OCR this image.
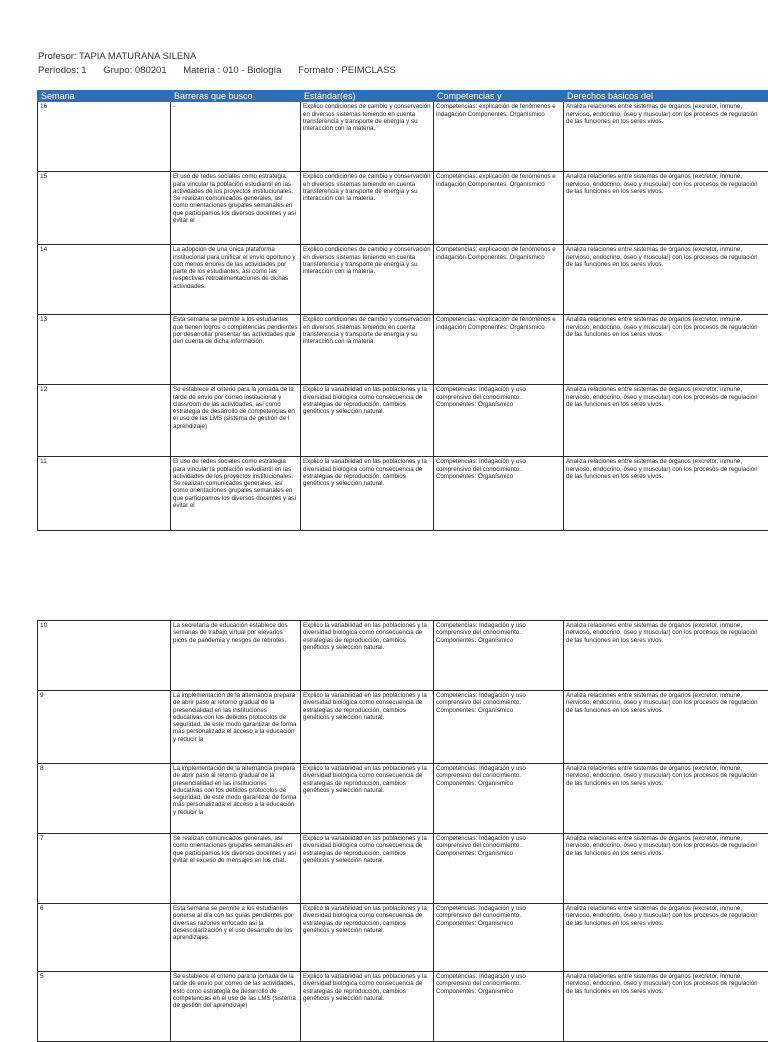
Profesor: TAPIA MATURANA SILENA
Períodos: 1 Grupo: 080201 Materia : 010 - Biología Formato : PEIMCLASS
Semana	Barreras que busco	Estándar(es)	Competencias y	Derechos básicos del
16	-	Explico condiciones de cambio y conservación en diversos sistemas teniendo en cuenta transferencia y transporte de energía y su interacción con la materia.	Competencias: explicación de fenómenos e indagación Componentes: Organísmico	Analiza relaciones entre sistemas de órganos (excretor, inmune, nervioso, endocrino, óseo y muscular) con los procesos de regulación de las funciones en los seres vivos.
15	El uso de redes sociales como estrategia para vincular la población estudiantil en las actividades de los proyectos institucionales. Se realizan comunicados generales, así como orientaciones grupales semanales en que participamos los diversos docentes y así evitar el	Explico condiciones de cambio y conservación en diversos sistemas teniendo en cuenta transferencia y transporte de energía y su interacción con la materia.	Competencias: explicación de fenómenos e indagación Componentes: Organísmico	Analiza relaciones entre sistemas de órganos (excretor, inmune, nervioso, endocrino, óseo y muscular) con los procesos de regulación de las funciones en los seres vivos.
14	La adopción de una única plataforma institucional para unificar el envío oportuno y con menos errores de las actividades por parte de los estudiantes, así como las respectivas retroalimentaciones de dichas actividades.	Explico condiciones de cambio y conservación en diversos sistemas teniendo en cuenta transferencia y transporte de energía y su interacción con la materia.	Competencias: explicación de fenómenos e indagación Componentes: Organísmico	Analiza relaciones entre sistemas de órganos (excretor, inmune, nervioso, endocrino, óseo y muscular) con los procesos de regulación de las funciones en los seres vivos.
13	Esta semana se permite a los estudiantes que tienen logros o competencias pendientes por desarrollar presentar las actividades que den cuenta de dicha información.	Explico condiciones de cambio y conservación en diversos sistemas teniendo en cuenta transferencia y transporte de energía y su interacción con la materia.	Competencias: explicación de fenómenos e indagación Componentes: Organísmico	Analiza relaciones entre sistemas de órganos (excretor, inmune, nervioso, endocrino, óseo y muscular) con los procesos de regulación de las funciones en los seres vivos.
12	Se establece el criterio para la jornada de la tarde de envío por correo institucional y classroom de las actividades, así como estrategia de desarrollo de competencias en el uso de las LMS (sistema de gestión de l aprendizaje)	Explico la variabilidad en las poblaciones y la diversidad biológica como consecuencia de estrategias de reproducción, cambios genéticos y selección natural.	Competencias: Indagación y uso comprensivo del conocimiento. Componentes: Organísmico	Analiza relaciones entre sistemas de órganos (excretor, inmune, nervioso, endocrino, óseo y muscular) con los procesos de regulación de las funciones en los seres vivos.
11	El uso de redes sociales como estrategia para vincular la población estudiantil en las actividades de los proyectos institucionales. Se realizan comunicados generales, así como orientaciones grupales semanales en que participamos los diversos docentes y así evitar el	Explico la variabilidad en las poblaciones y la diversidad biológica como consecuencia de estrategias de reproducción, cambios genéticos y selección natural.	Competencias: Indagación y uso comprensivo del conocimiento. Componentes: Organísmico	Analiza relaciones entre sistemas de órganos (excretor, inmune, nervioso, endocrino, óseo y muscular) con los procesos de regulación de las funciones en los seres vivos.
10	La secretaría de educación establece dos semanas de trabajo virtual por elevados picos de pandemia y riesgos de rebrotes.	Explico la variabilidad en las poblaciones y la diversidad biológica como consecuencia de estrategias de reproducción, cambios genéticos y selección natural.	Competencias: Indagación y uso comprensivo del conocimiento. Componentes: Organísmico	Analiza relaciones entre sistemas de órganos (excretor, inmune, nervioso, endocrino, óseo y muscular) con los procesos de regulación de las funciones en los seres vivos.
9	La implementación de la alternancia prepara de abrir paso al retorno gradual de la presencialidad en las instituciones educativas con los debidos protocolos de seguridad, de este modo garantizar de forma más personalizada el acceso a la educación y reducir la	Explico la variabilidad en las poblaciones y la diversidad biológica como consecuencia de estrategias de reproducción, cambios genéticos y selección natural.	Competencias: Indagación y uso comprensivo del conocimiento. Componentes: Organísmico	Analiza relaciones entre sistemas de órganos (excretor, inmune, nervioso, endocrino, óseo y muscular) con los procesos de regulación de las funciones en los seres vivos.
8	La implementación de la alternancia prepara de abrir paso al retorno gradual de la presencialidad en las instituciones educativas con los debidos protocolos de seguridad, de este modo garantizar de forma más personalizada el acceso a la educación y reducir la	Explico la variabilidad en las poblaciones y la diversidad biológica como consecuencia de estrategias de reproducción, cambios genéticos y selección natural.	Competencias: Indagación y uso comprensivo del conocimiento. Componentes: Organísmico	Analiza relaciones entre sistemas de órganos (excretor, inmune, nervioso, endocrino, óseo y muscular) con los procesos de regulación de las funciones en los seres vivos.
7	Se realizan comunicados generales, así como orientaciones grupales semanales en que participamos los diversos docentes y así evitar el exceso de mensajes en los chat.	Explico la variabilidad en las poblaciones y la diversidad biológica como consecuencia de estrategias de reproducción, cambios genéticos y selección natural.	Competencias: Indagación y uso comprensivo del conocimiento. Componentes: Organísmico	Analiza relaciones entre sistemas de órganos (excretor, inmune, nervioso, endocrino, óseo y muscular) con los procesos de regulación de las funciones en los seres vivos.
6	Esta semana se permite a los estudiantes ponerse al día con las guías pendientes por diversas razones enfocado así la desescolarización y el uso desarrollo de los aprendizajes.	Explico la variabilidad en las poblaciones y la diversidad biológica como consecuencia de estrategias de reproducción, cambios genéticos y selección natural.	Competencias: Indagación y uso comprensivo del conocimiento. Componentes: Organísmico	Analiza relaciones entre sistemas de órganos (excretor, inmune, nervioso, endocrino, óseo y muscular) con los procesos de regulación de las funciones en los seres vivos.
5	Se establece el criterio para la jornada de la tarde de envío por correo de las actividades, esto como estrategia de desarrollo de competencias en el uso de las LMS (sistema de gestión del aprendizaje)	Explico la variabilidad en las poblaciones y la diversidad biológica como consecuencia de estrategias de reproducción, cambios genéticos y selección natural.	Competencias: Indagación y uso comprensivo del conocimiento. Componentes: Organísmico	Analiza relaciones entre sistemas de órganos (excretor, inmune, nervioso, endocrino, óseo y muscular) con los procesos de regulación de las funciones en los seres vivos.
